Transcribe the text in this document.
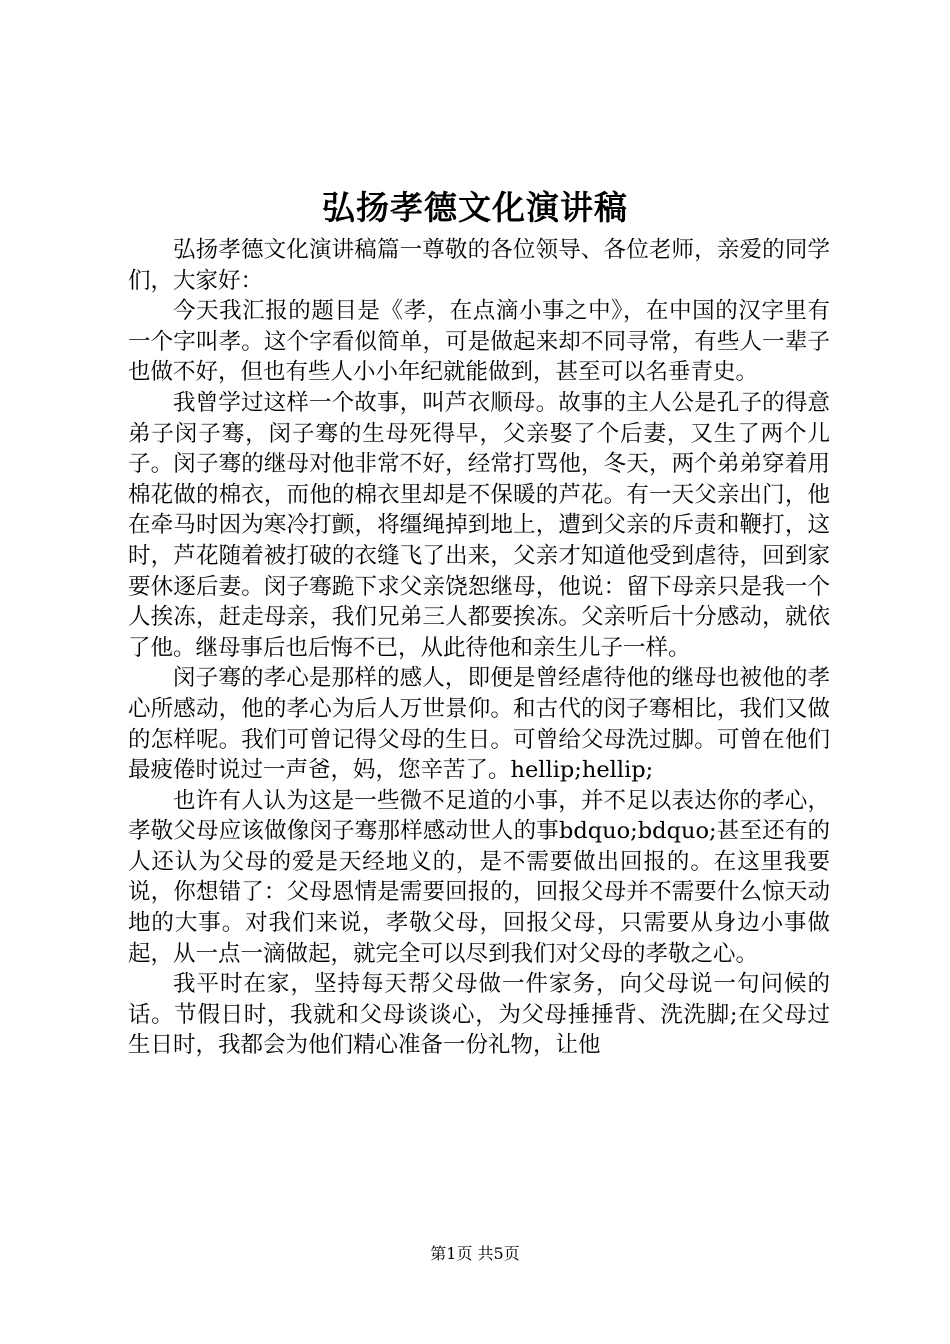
弘扬孝德文化演讲稿

弘扬孝德文化演讲稿篇一尊敬的各位领导、各位老师，亲爱的同学们，大家好：

今天我汇报的题目是《孝，在点滴小事之中》，在中国的汉字里有一个字叫孝。这个字看似简单，可是做起来却不同寻常，有些人一辈子也做不好，但也有些人小小年纪就能做到，甚至可以名垂青史。

我曾学过这样一个故事，叫芦衣顺母。故事的主人公是孔子的得意弟子闵子骞，闵子骞的生母死得早，父亲娶了个后妻，又生了两个儿子。闵子骞的继母对他非常不好，经常打骂他，冬天，两个弟弟穿着用棉花做的棉衣，而他的棉衣里却是不保暖的芦花。有一天父亲出门，他在牵马时因为寒冷打颤，将缰绳掉到地上，遭到父亲的斥责和鞭打，这时，芦花随着被打破的衣缝飞了出来，父亲才知道他受到虐待，回到家要休逐后妻。闵子骞跪下求父亲饶恕继母，他说：留下母亲只是我一个人挨冻，赶走母亲，我们兄弟三人都要挨冻。父亲听后十分感动，就依了他。继母事后也后悔不已，从此待他和亲生儿子一样。

闵子骞的孝心是那样的感人，即便是曾经虐待他的继母也被他的孝心所感动，他的孝心为后人万世景仰。和古代的闵子骞相比，我们又做的怎样呢。我们可曾记得父母的生日。可曾给父母洗过脚。可曾在他们最疲倦时说过一声爸，妈，您辛苦了。hellip;hellip;

也许有人认为这是一些微不足道的小事，并不足以表达你的孝心，孝敬父母应该做像闵子骞那样感动世人的事bdquo;bdquo;甚至还有的人还认为父母的爱是天经地义的，是不需要做出回报的。在这里我要说，你想错了：父母恩情是需要回报的，回报父母并不需要什么惊天动地的大事。对我们来说，孝敬父母，回报父母，只需要从身边小事做起，从一点一滴做起，就完全可以尽到我们对父母的孝敬之心。

我平时在家，坚持每天帮父母做一件家务，向父母说一句问候的话。节假日时，我就和父母谈谈心，为父母捶捶背、洗洗脚;在父母过生日时，我都会为他们精心准备一份礼物，让他

第1页 共5页
